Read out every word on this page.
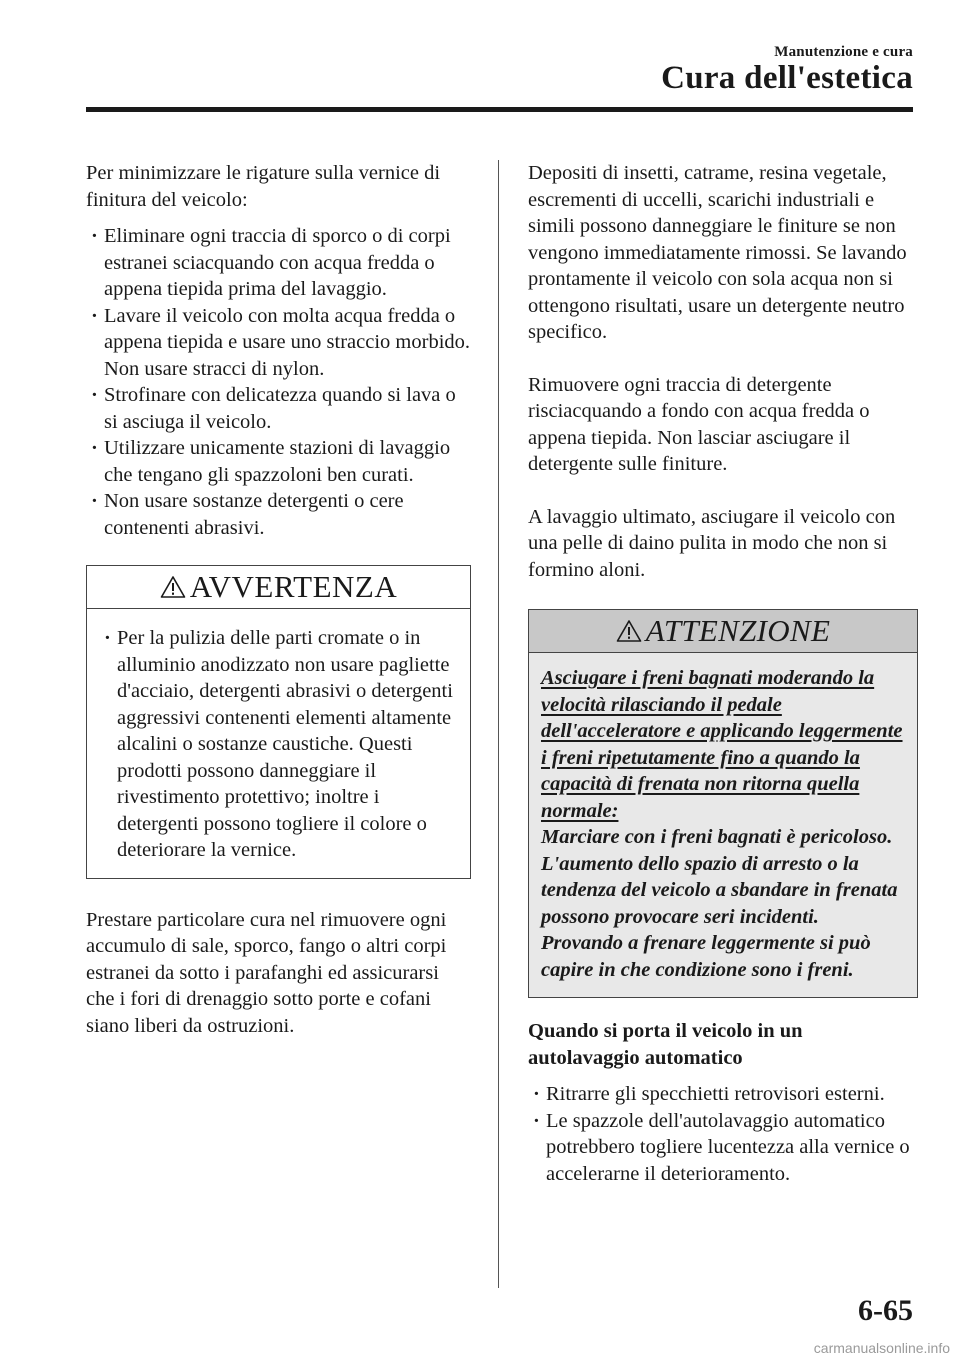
Manutenzione e cura
Cura dell'estetica

Per minimizzare le rigature sulla vernice di finitura del veicolo:

· Eliminare ogni traccia di sporco o di corpi estranei sciacquando con acqua fredda o appena tiepida prima del lavaggio.
· Lavare il veicolo con molta acqua fredda o appena tiepida e usare uno straccio morbido. Non usare stracci di nylon.
· Strofinare con delicatezza quando si lava o si asciuga il veicolo.
· Utilizzare unicamente stazioni di lavaggio che tengano gli spazzoloni ben curati.
· Non usare sostanze detergenti o cere contenenti abrasivi.
AVVERTENZA
· Per la pulizia delle parti cromate o in alluminio anodizzato non usare pagliette d'acciaio, detergenti abrasivi o detergenti aggressivi contenenti elementi altamente alcalini o sostanze caustiche. Questi prodotti possono danneggiare il rivestimento protettivo; inoltre i detergenti possono togliere il colore o deteriorare la vernice.

Prestare particolare cura nel rimuovere ogni accumulo di sale, sporco, fango o altri corpi estranei da sotto i parafanghi ed assicurarsi che i fori di drenaggio sotto porte e cofani siano liberi da ostruzioni.

Depositi di insetti, catrame, resina vegetale, escrementi di uccelli, scarichi industriali e simili possono danneggiare le finiture se non vengono immediatamente rimossi. Se lavando prontamente il veicolo con sola acqua non si ottengono risultati, usare un detergente neutro specifico.

Rimuovere ogni traccia di detergente risciacquando a fondo con acqua fredda o appena tiepida. Non lasciar asciugare il detergente sulle finiture.

A lavaggio ultimato, asciugare il veicolo con una pelle di daino pulita in modo che non si formino aloni.

ATTENZIONE

Asciugare i freni bagnati moderando la velocità rilasciando il pedale dell'acceleratore e applicando leggermente i freni ripetutamente fino a quando la capacità di frenata non ritorna quella normale:

Marciare con i freni bagnati è pericoloso. L'aumento dello spazio di arresto o la tendenza del veicolo a sbandare in frenata possono provocare seri incidenti. Provando a frenare leggermente si può capire in che condizione sono i freni.

Quando si porta il veicolo in un autolavaggio automatico

· Ritrarre gli specchietti retrovisori esterni.
· Le spazzole dell'autolavaggio automatico potrebbero togliere lucentezza alla vernice o accelerarne il deterioramento.
6-65
carmanualsonline.info
